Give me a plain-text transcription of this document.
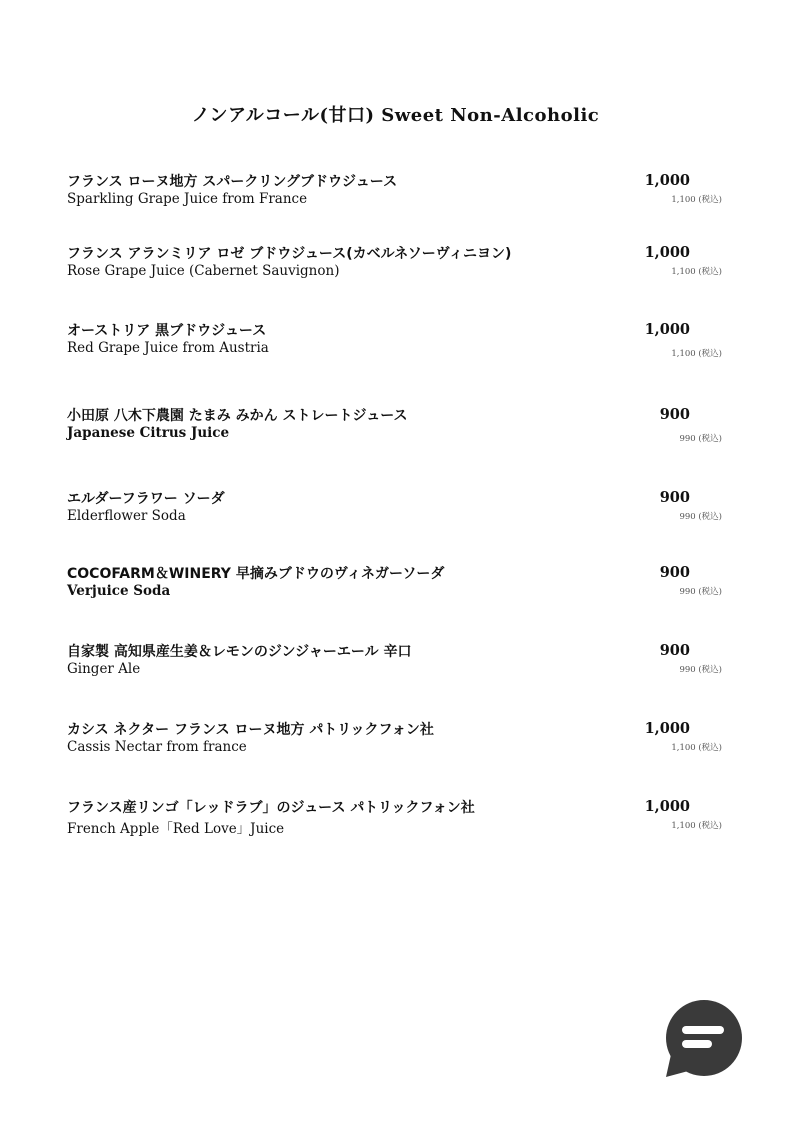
ノンアルコール(甘口) Sweet Non-Alcoholic
フランス ローヌ地方 スパークリングブドウジュース
Sparkling Grape Juice from France
1,000
1,100 (税込)
フランス アランミリア ロゼ ブドウジュース(カベルネソーヴィニヨン)
Rose Grape Juice (Cabernet Sauvignon)
1,000
1,100 (税込)
オーストリア 黒ブドウジュース
Red Grape Juice from Austria
1,000
1,100 (税込)
小田原 八木下農園 たまみ みかん ストレートジュース
Japanese Citrus Juice
900
990 (税込)
エルダーフラワー ソーダ
Elderflower Soda
900
990 (税込)
COCOFARM＆WINERY 早摘みブドウのヴィネガーソーダ
Verjuice Soda
900
990 (税込)
自家製 高知県産生姜＆レモンのジンジャーエール 辛口
Ginger Ale
900
990 (税込)
カシス ネクター フランス ローヌ地方 パトリックフォン社
Cassis Nectar from france
1,000
1,100 (税込)
フランス産リンゴ「レッドラブ」のジュース パトリックフォン社
French Apple「Red Love」Juice
1,000
1,100 (税込)
